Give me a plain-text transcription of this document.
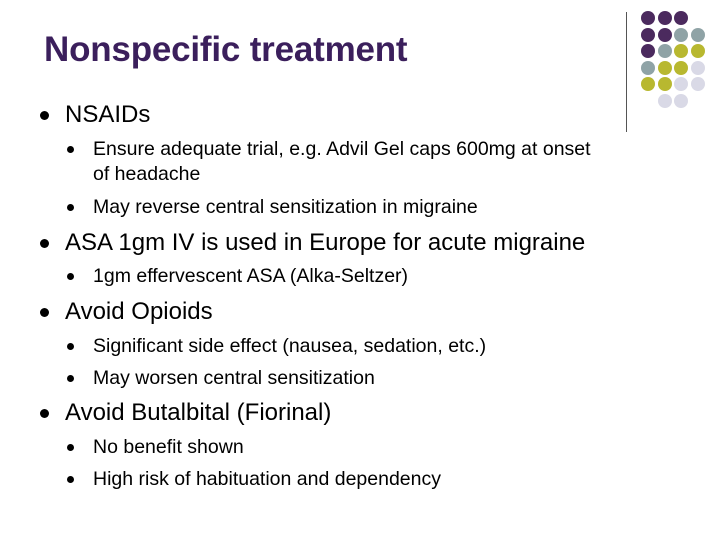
Nonspecific treatment
NSAIDs
Ensure adequate trial, e.g. Advil Gel caps 600mg at onset
of headache
May reverse central sensitization in migraine
ASA 1gm IV is used in Europe for acute migraine
1gm effervescent ASA (Alka-Seltzer)
Avoid Opioids
Significant side effect (nausea, sedation, etc.)
May worsen central sensitization
Avoid Butalbital (Fiorinal)
No benefit shown
High risk of habituation and dependency
